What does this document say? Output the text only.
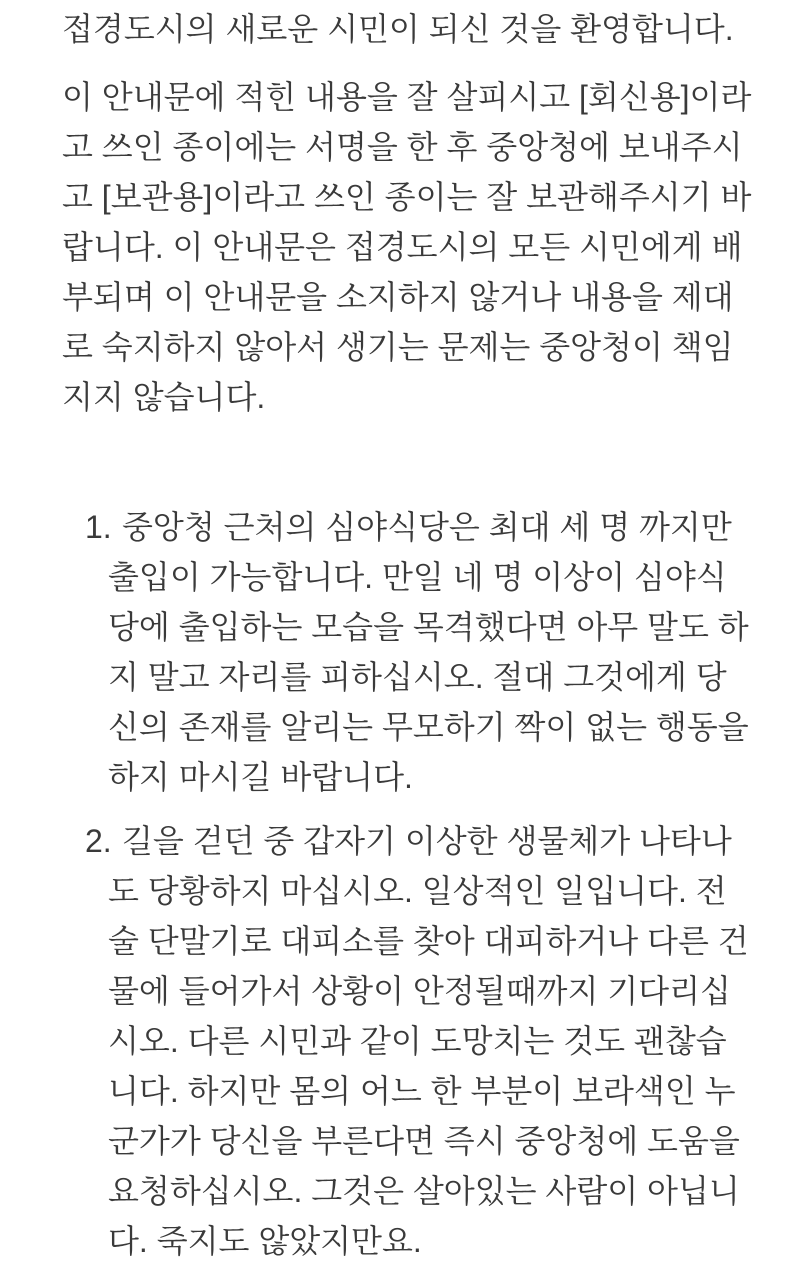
접경도시의 새로운 시민이 되신 것을 환영합니다.

이 안내문에 적힌 내용을 잘 살피시고 [회신용]이라고 쓰인 종이에는 서명을 한 후 중앙청에 보내주시고 [보관용]이라고 쓰인 종이는 잘 보관해주시기 바랍니다. 이 안내문은 접경도시의 모든 시민에게 배부되며 이 안내문을 소지하지 않거나 내용을 제대로 숙지하지 않아서 생기는 문제는 중앙청이 책임지지 않습니다.

1. 중앙청 근처의 심야식당은 최대 세 명 까지만 출입이 가능합니다. 만일 네 명 이상이 심야식당에 출입하는 모습을 목격했다면 아무 말도 하지 말고 자리를 피하십시오. 절대 그것에게 당신의 존재를 알리는 무모하기 짝이 없는 행동을 하지 마시길 바랍니다.
2. 길을 걷던 중 갑자기 이상한 생물체가 나타나도 당황하지 마십시오. 일상적인 일입니다. 전술 단말기로 대피소를 찾아 대피하거나 다른 건물에 들어가서 상황이 안정될때까지 기다리십시오. 다른 시민과 같이 도망치는 것도 괜찮습니다. 하지만 몸의 어느 한 부분이 보라색인 누군가가 당신을 부른다면 즉시 중앙청에 도움을 요청하십시오. 그것은 살아있는 사람이 아닙니다. 죽지도 않았지만요.
